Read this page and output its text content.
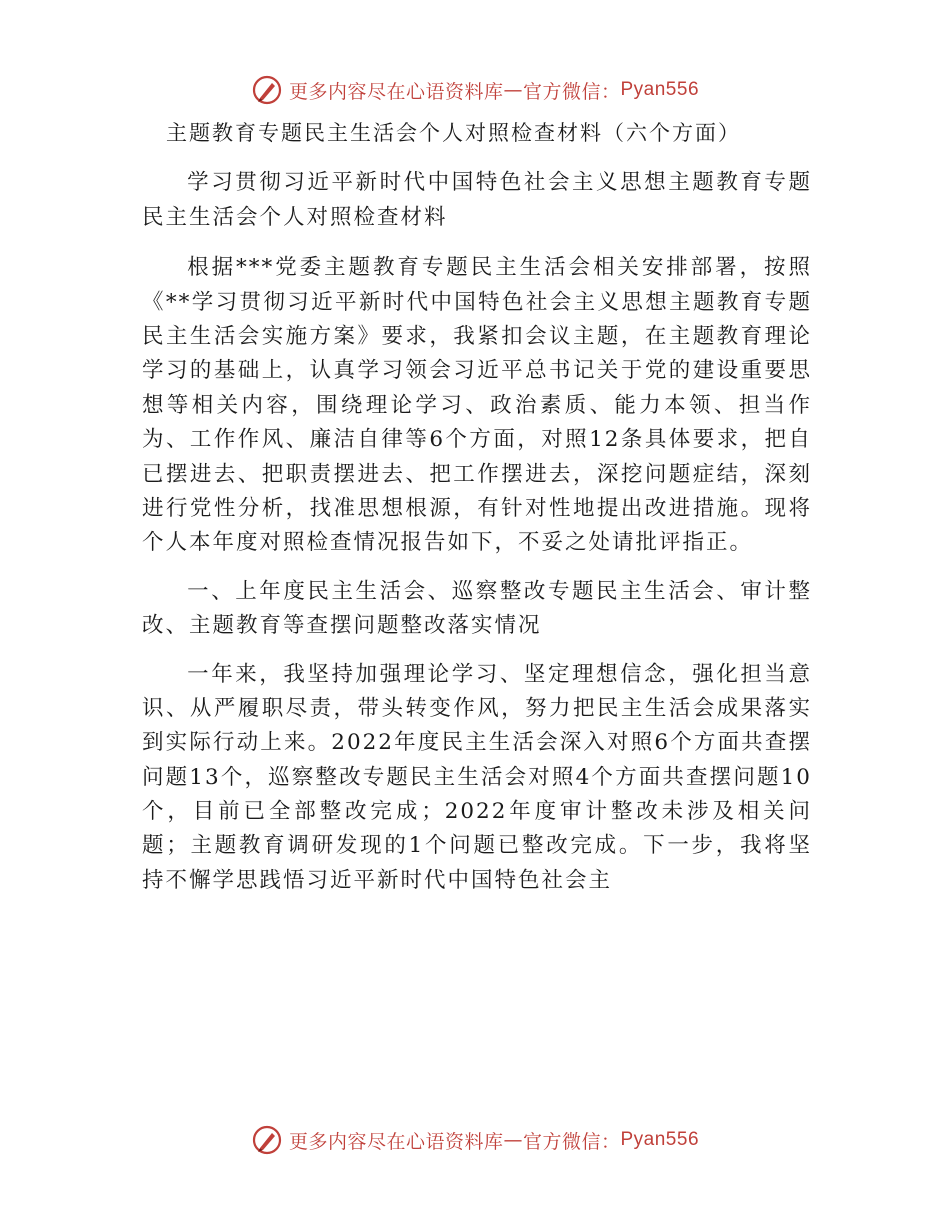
更多内容尽在心语资料库 — 官方微信： Pyan556
主题教育专题民主生活会个人对照检查材料（六个方面）
学习贯彻习近平新时代中国特色社会主义思想主题教育专题民主生活会个人对照检查材料

根据***党委主题教育专题民主生活会相关安排部署，按照《**学习贯彻习近平新时代中国特色社会主义思想主题教育专题民主生活会实施方案》要求，我紧扣会议主题，在主题教育理论学习的基础上，认真学习领会习近平总书记关于党的建设重要思想等相关内容，围绕理论学习、政治素质、能力本领、担当作为、工作作风、廉洁自律等6个方面，对照12条具体要求，把自已摆进去、把职责摆进去、把工作摆进去，深挖问题症结，深刻进行党性分析，找准思想根源，有针对性地提出改进措施。现将个人本年度对照检查情况报告如下，不妥之处请批评指正。

一、上年度民主生活会、巡察整改专题民主生活会、审计整改、主题教育等查摆问题整改落实情况

一年来，我坚持加强理论学习、坚定理想信念，强化担当意识、从严履职尽责，带头转变作风，努力把民主生活会成果落实到实际行动上来。2022年度民主生活会深入对照6个方面共查摆问题13个，巡察整改专题民主生活会对照4个方面共查摆问题10个，目前已全部整改完成；2022年度审计整改未涉及相关问题；主题教育调研发现的1个问题已整改完成。下一步，我将坚持不懈学思践悟习近平新时代中国特色社会主

更多内容尽在心语资料库 — 官方微信： Pyan556
